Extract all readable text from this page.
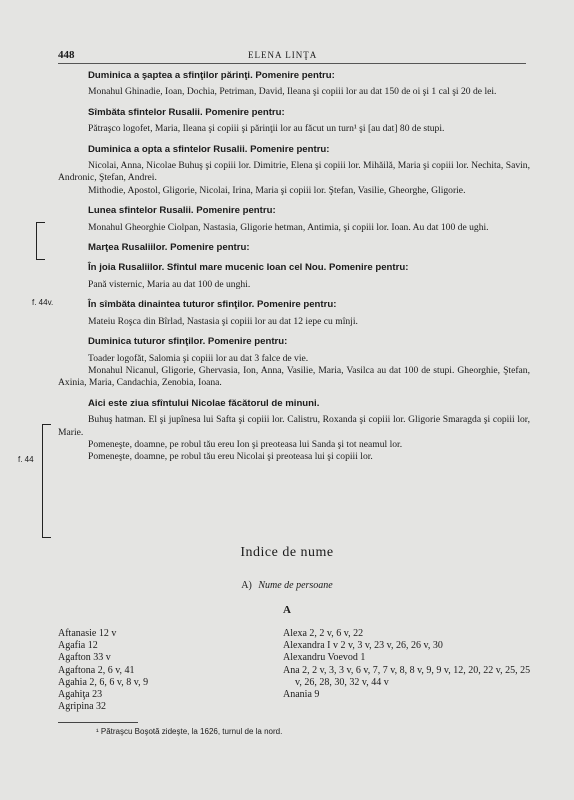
448	ELENA LINŢA
f. 44v.
f. 44
Duminica a şaptea a sfinţilor părinţi. Pomenire pentru:

Monahul Ghinadie, Ioan, Dochia, Petriman, David, Ileana şi copiii lor au dat 150 de oi şi 1 cal şi 20 de lei.

Sîmbăta sfintelor Rusalii. Pomenire pentru:

Pătraşco logofet, Maria, Ileana şi copiii şi părinţii lor au făcut un turn¹ şi [au dat] 80 de stupi.

Duminica a opta a sfintelor Rusalii. Pomenire pentru:

Nicolai, Anna, Nicolae Buhuş şi copiii lor. Dimitrie, Elena şi copiii lor. Mihăilă, Maria şi copiii lor. Nechita, Savin, Andronic, Ştefan, Andrei.

Mithodie, Apostol, Gligorie, Nicolai, Irina, Maria şi copiii lor. Ştefan, Vasilie, Gheorghe, Gligorie.

Lunea sfintelor Rusalii. Pomenire pentru:

Monahul Gheorghie Ciolpan, Nastasia, Gligorie hetman, Antimia, şi copiii lor. Ioan. Au dat 100 de ughi.

Marţea Rusaliilor. Pomenire pentru:
În joia Rusaliilor. Sfîntul mare mucenic Ioan cel Nou. Pomenire pentru:

Pană visternic, Maria au dat 100 de unghi.

În sîmbăta dinaintea tuturor sfinţilor. Pomenire pentru:

Mateiu Roşca din Bîrlad, Nastasia şi copiii lor au dat 12 iepe cu mînji.

Duminica tuturor sfinţilor. Pomenire pentru:

Toader logofăt, Salomia şi copiii lor au dat 3 falce de vie.

Monahul Nicanul, Gligorie, Ghervasia, Ion, Anna, Vasilie, Maria, Vasilca au dat 100 de stupi. Gheorghie, Ştefan, Axinia, Maria, Candachia, Zenobia, Ioana.

Aici este ziua sfîntului Nicolae făcătorul de minuni.

Buhuş hatman. El şi jupînesa lui Safta şi copiii lor. Calistru, Roxanda şi copiii lor. Gligorie Smaragda şi copiii lor, Marie.

Pomeneşte, doamne, pe robul tău ereu Ion şi preoteasa lui Sanda şi tot neamul lor.

Pomeneşte, doamne, pe robul tău ereu Nicolai şi preoteasa lui şi copiii lor.

Indice de nume
A) Nume de persoane
A

Aftanasie 12 v

Agafia 12

Agafton 33 v

Agaftona 2, 6 v, 41

Agahia 2, 6, 6 v, 8 v, 9

Agahiţa 23

Agripina 32

Alexa 2, 2 v, 6 v, 22

Alexandra I v 2 v, 3 v, 23 v, 26, 26 v, 30

Alexandru Voevod 1

Ana 2, 2 v, 3, 3 v, 6 v, 7, 7 v, 8, 8 v, 9, 9 v, 12, 20, 22 v, 25, 25 v, 26, 28, 30, 32 v, 44 v

Anania 9

¹ Pătraşcu Boşotă zideşte, la 1626, turnul de la nord.
